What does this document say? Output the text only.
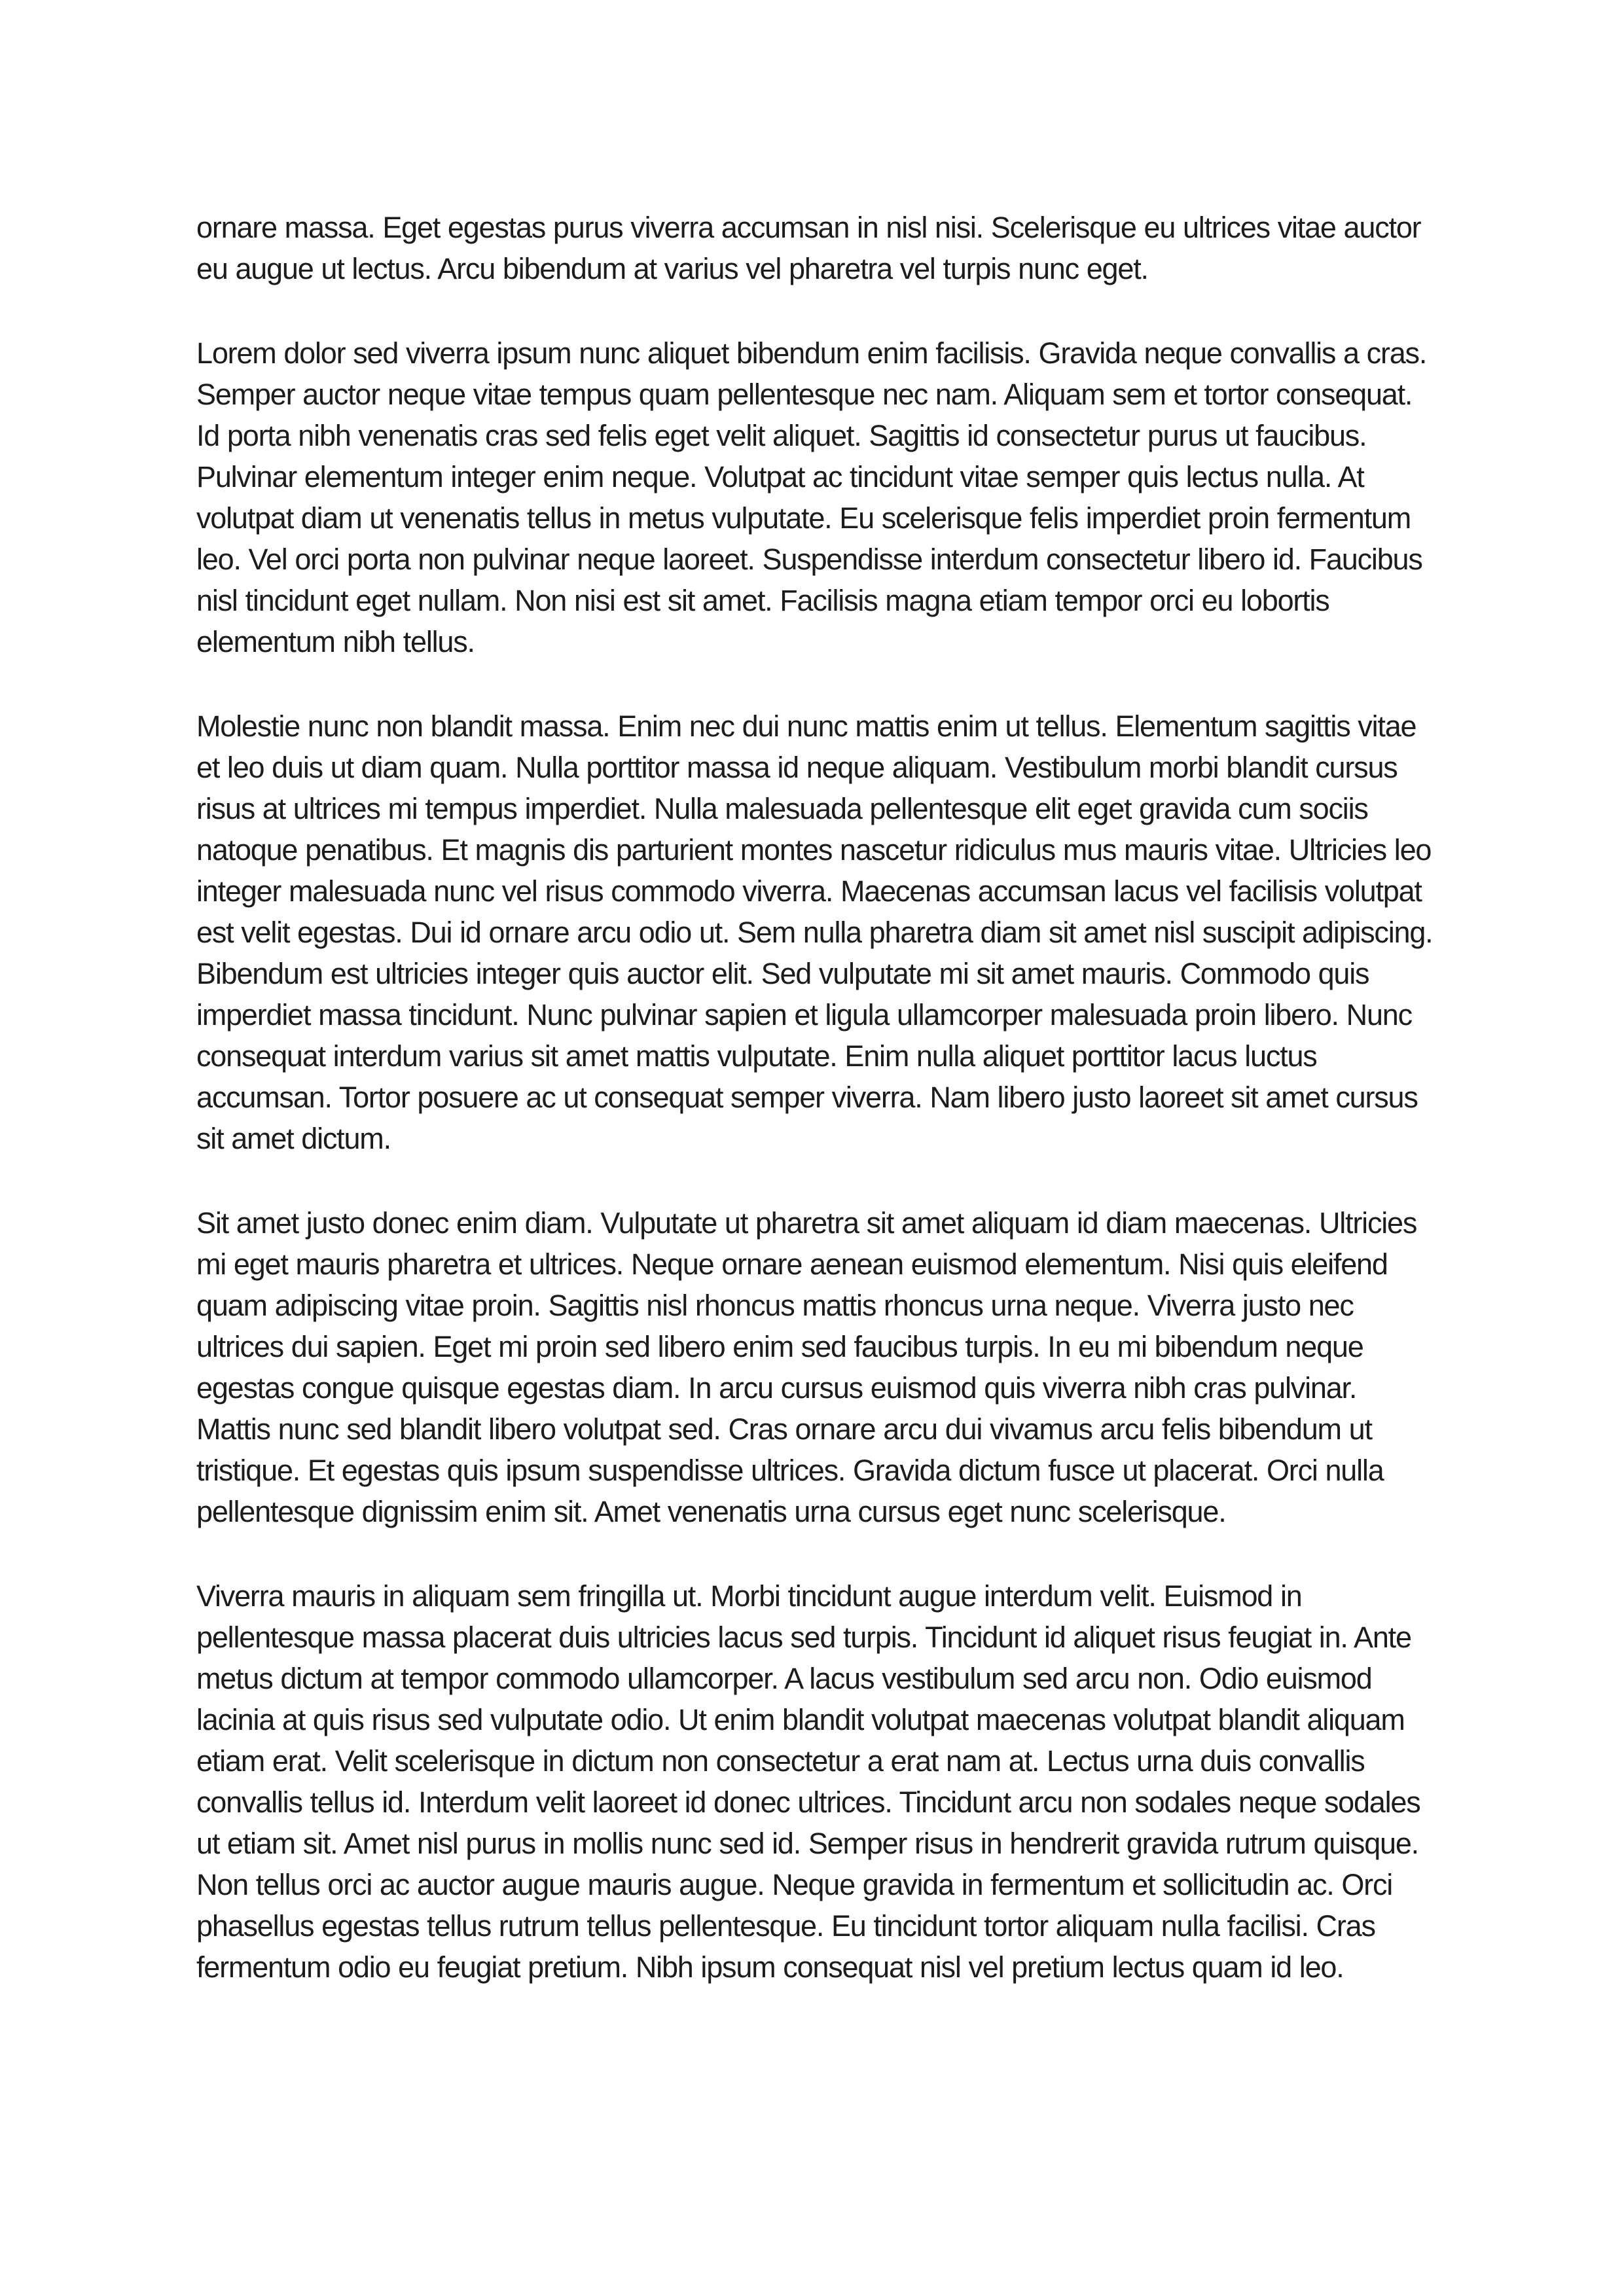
ornare massa. Eget egestas purus viverra accumsan in nisl nisi. Scelerisque eu ultrices vitae auctor eu augue ut lectus. Arcu bibendum at varius vel pharetra vel turpis nunc eget.

Lorem dolor sed viverra ipsum nunc aliquet bibendum enim facilisis. Gravida neque convallis a cras. Semper auctor neque vitae tempus quam pellentesque nec nam. Aliquam sem et tortor consequat. Id porta nibh venenatis cras sed felis eget velit aliquet. Sagittis id consectetur purus ut faucibus. Pulvinar elementum integer enim neque. Volutpat ac tincidunt vitae semper quis lectus nulla. At volutpat diam ut venenatis tellus in metus vulputate. Eu scelerisque felis imperdiet proin fermentum leo. Vel orci porta non pulvinar neque laoreet. Suspendisse interdum consectetur libero id. Faucibus nisl tincidunt eget nullam. Non nisi est sit amet. Facilisis magna etiam tempor orci eu lobortis elementum nibh tellus.

Molestie nunc non blandit massa. Enim nec dui nunc mattis enim ut tellus. Elementum sagittis vitae et leo duis ut diam quam. Nulla porttitor massa id neque aliquam. Vestibulum morbi blandit cursus risus at ultrices mi tempus imperdiet. Nulla malesuada pellentesque elit eget gravida cum sociis natoque penatibus. Et magnis dis parturient montes nascetur ridiculus mus mauris vitae. Ultricies leo integer malesuada nunc vel risus commodo viverra. Maecenas accumsan lacus vel facilisis volutpat est velit egestas. Dui id ornare arcu odio ut. Sem nulla pharetra diam sit amet nisl suscipit adipiscing. Bibendum est ultricies integer quis auctor elit. Sed vulputate mi sit amet mauris. Commodo quis imperdiet massa tincidunt. Nunc pulvinar sapien et ligula ullamcorper malesuada proin libero. Nunc consequat interdum varius sit amet mattis vulputate. Enim nulla aliquet porttitor lacus luctus accumsan. Tortor posuere ac ut consequat semper viverra. Nam libero justo laoreet sit amet cursus sit amet dictum.

Sit amet justo donec enim diam. Vulputate ut pharetra sit amet aliquam id diam maecenas. Ultricies mi eget mauris pharetra et ultrices. Neque ornare aenean euismod elementum. Nisi quis eleifend quam adipiscing vitae proin. Sagittis nisl rhoncus mattis rhoncus urna neque. Viverra justo nec ultrices dui sapien. Eget mi proin sed libero enim sed faucibus turpis. In eu mi bibendum neque egestas congue quisque egestas diam. In arcu cursus euismod quis viverra nibh cras pulvinar. Mattis nunc sed blandit libero volutpat sed. Cras ornare arcu dui vivamus arcu felis bibendum ut tristique. Et egestas quis ipsum suspendisse ultrices. Gravida dictum fusce ut placerat. Orci nulla pellentesque dignissim enim sit. Amet venenatis urna cursus eget nunc scelerisque.

Viverra mauris in aliquam sem fringilla ut. Morbi tincidunt augue interdum velit. Euismod in pellentesque massa placerat duis ultricies lacus sed turpis. Tincidunt id aliquet risus feugiat in. Ante metus dictum at tempor commodo ullamcorper. A lacus vestibulum sed arcu non. Odio euismod lacinia at quis risus sed vulputate odio. Ut enim blandit volutpat maecenas volutpat blandit aliquam etiam erat. Velit scelerisque in dictum non consectetur a erat nam at. Lectus urna duis convallis convallis tellus id. Interdum velit laoreet id donec ultrices. Tincidunt arcu non sodales neque sodales ut etiam sit. Amet nisl purus in mollis nunc sed id. Semper risus in hendrerit gravida rutrum quisque. Non tellus orci ac auctor augue mauris augue. Neque gravida in fermentum et sollicitudin ac. Orci phasellus egestas tellus rutrum tellus pellentesque. Eu tincidunt tortor aliquam nulla facilisi. Cras fermentum odio eu feugiat pretium. Nibh ipsum consequat nisl vel pretium lectus quam id leo.
